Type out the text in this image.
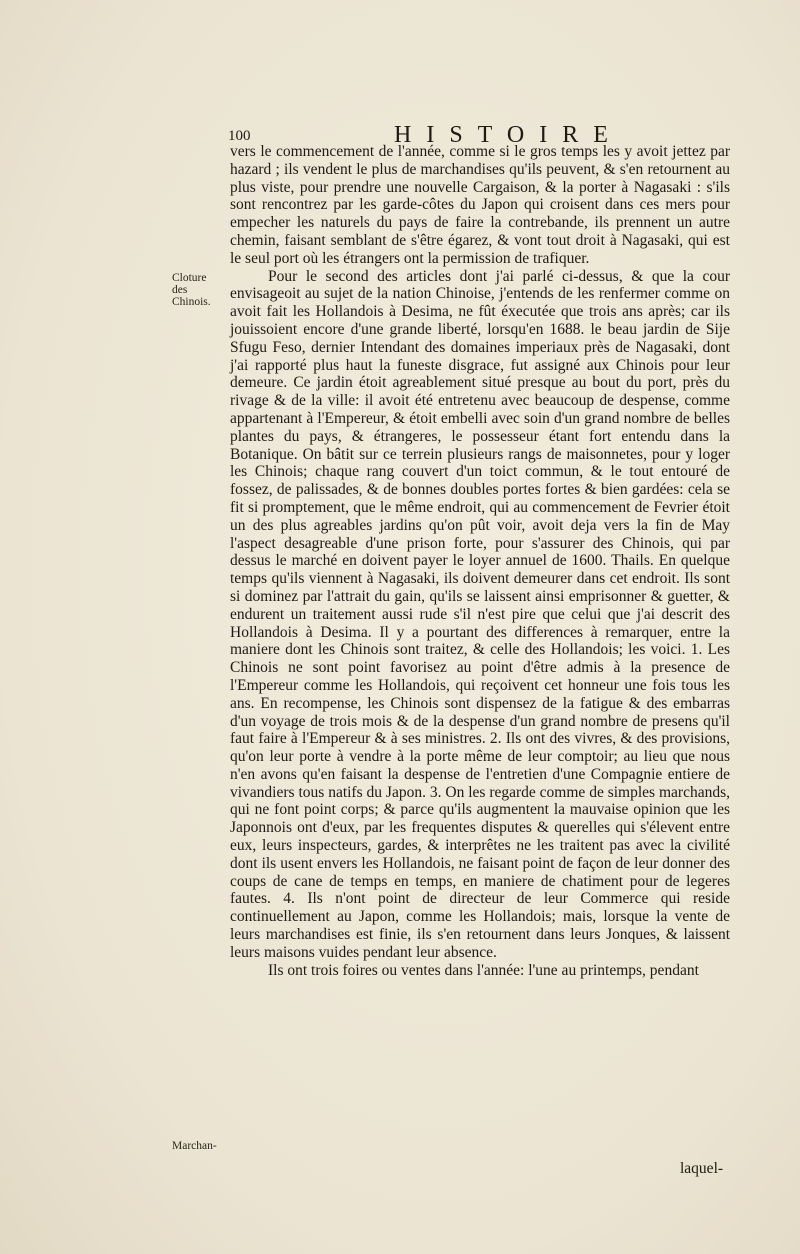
100	HISTOIRE
Cloture des Chinois.
Marchan-

vers le commencement de l'année, comme si le gros temps les y avoit jettez par hazard ; ils vendent le plus de marchandises qu'ils peuvent, & s'en retournent au plus viste, pour prendre une nouvelle Cargaison, & la porter à Nagasaki : s'ils sont rencontrez par les garde-côtes du Japon qui croisent dans ces mers pour empecher les naturels du pays de faire la contrebande, ils prennent un autre chemin, faisant semblant de s'être égarez, & vont tout droit à Nagasaki, qui est le seul port où les étrangers ont la permission de trafiquer.

Pour le second des articles dont j'ai parlé ci-dessus, & que la cour envisageoit au sujet de la nation Chinoise, j'entends de les renfermer comme on avoit fait les Hollandois à Desima, ne fût éxecutée que trois ans après; car ils jouissoient encore d'une grande liberté, lorsqu'en 1688. le beau jardin de Sije Sfugu Feso, dernier Intendant des domaines imperiaux près de Nagasaki, dont j'ai rapporté plus haut la funeste disgrace, fut assigné aux Chinois pour leur demeure. Ce jardin étoit agreablement situé presque au bout du port, près du rivage & de la ville: il avoit été entretenu avec beaucoup de despense, comme appartenant à l'Empereur, & étoit embelli avec soin d'un grand nombre de belles plantes du pays, & étrangeres, le possesseur étant fort entendu dans la Botanique. On bâtit sur ce terrein plusieurs rangs de maisonnetes, pour y loger les Chinois; chaque rang couvert d'un toict commun, & le tout entouré de fossez, de palissades, & de bonnes doubles portes fortes & bien gardées: cela se fit si promptement, que le même endroit, qui au commencement de Fevrier étoit un des plus agreables jardins qu'on pût voir, avoit deja vers la fin de May l'aspect desagreable d'une prison forte, pour s'assurer des Chinois, qui par dessus le marché en doivent payer le loyer annuel de 1600. Thails. En quelque temps qu'ils viennent à Nagasaki, ils doivent demeurer dans cet endroit. Ils sont si dominez par l'attrait du gain, qu'ils se laissent ainsi emprisonner & guetter, & endurent un traitement aussi rude s'il n'est pire que celui que j'ai descrit des Hollandois à Desima. Il y a pourtant des differences à remarquer, entre la maniere dont les Chinois sont traitez, & celle des Hollandois; les voici. 1. Les Chinois ne sont point favorisez au point d'être admis à la presence de l'Empereur comme les Hollandois, qui reçoivent cet honneur une fois tous les ans. En recompense, les Chinois sont dispensez de la fatigue & des embarras d'un voyage de trois mois & de la despense d'un grand nombre de presens qu'il faut faire à l'Empereur & à ses ministres. 2. Ils ont des vivres, & des provisions, qu'on leur porte à vendre à la porte même de leur comptoir; au lieu que nous n'en avons qu'en faisant la despense de l'entretien d'une Compagnie entiere de vivandiers tous natifs du Japon. 3. On les regarde comme de simples marchands, qui ne font point corps; & parce qu'ils augmentent la mauvaise opinion que les Japonnois ont d'eux, par les frequentes disputes & querelles qui s'élevent entre eux, leurs inspecteurs, gardes, & interprêtes ne les traitent pas avec la civilité dont ils usent envers les Hollandois, ne faisant point de façon de leur donner des coups de cane de temps en temps, en maniere de chatiment pour de legeres fautes. 4. Ils n'ont point de directeur de leur Commerce qui reside continuellement au Japon, comme les Hollandois; mais, lorsque la vente de leurs marchandises est finie, ils s'en retournent dans leurs Jonques, & laissent leurs maisons vuides pendant leur absence.

Ils ont trois foires ou ventes dans l'année: l'une au printemps, pendant

laquel-
